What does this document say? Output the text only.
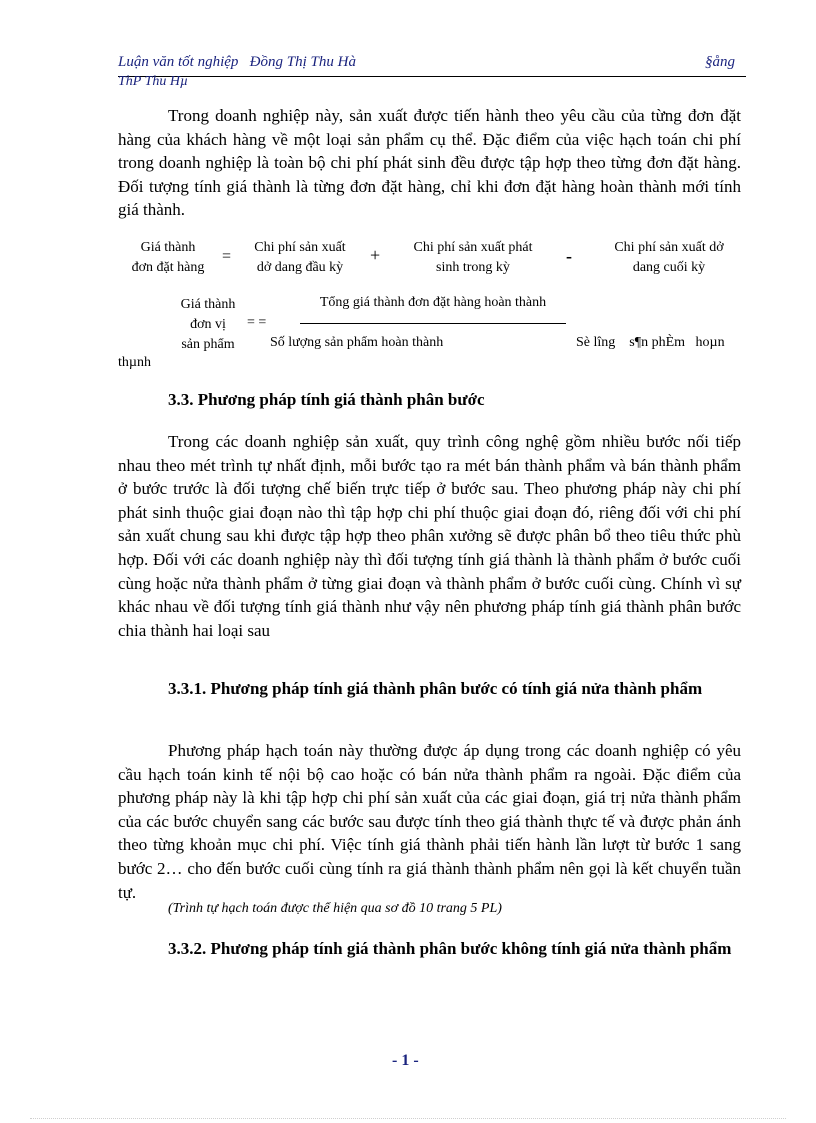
Luận văn tốt nghiệp Đồng Thị Thu Hà	§ång
ThP Thu Hµ
Trong doanh nghiệp này, sản xuất được tiến hành theo yêu cầu của từng đơn đặt hàng của khách hàng về một loại sản phẩm cụ thể. Đặc điểm của việc hạch toán chi phí trong doanh nghiệp là toàn bộ chi phí phát sinh đều được tập hợp theo từng đơn đặt hàng. Đối tượng tính giá thành là từng đơn đặt hàng, chỉ khi đơn đặt hàng hoàn thành mới tính giá thành.
Giá thành
đơn đặt hàng
=
Chi phí sản xuất
dở dang đầu kỳ
+	Chi phí sản xuất phát
sinh trong kỳ
-	Chi phí sản xuất dở
dang cuối kỳ
Giá thành
đơn vị
sản phẩm
= =
Tổng giá thành đơn đặt hàng hoàn thành
Số lượng sản phẩm hoàn thành	Sè lîng    s¶n phÈm   hoµn
thµnh
3.3. Phương pháp tính giá thành phân bước
Trong các doanh nghiệp sản xuất, quy trình công nghệ gồm nhiều bước nối tiếp nhau theo mét trình tự nhất định, mỗi bước tạo ra mét bán thành phẩm và bán thành phẩm ở bước trước là đối tượng chế biến trực tiếp ở bước sau. Theo phương pháp này chi phí phát sinh thuộc giai đoạn nào thì tập hợp chi phí thuộc giai đoạn đó, riêng đối với chi phí sản xuất chung sau khi được tập hợp theo phân xưởng sẽ được phân bổ theo tiêu thức phù hợp. Đối với các doanh nghiệp này thì đối tượng tính giá thành là thành phẩm ở bước cuối cùng hoặc nửa thành phẩm ở từng giai đoạn và thành phẩm ở bước cuối cùng. Chính vì sự khác nhau về đối tượng tính giá thành như vậy nên phương pháp tính giá thành phân bước chia thành hai loại sau
3.3.1. Phương pháp tính giá thành phân bước có tính giá nửa thành phẩm
Phương pháp hạch toán này thường được áp dụng trong các doanh nghiệp có yêu cầu hạch toán kinh tế nội bộ cao hoặc có bán nửa thành phẩm ra ngoài. Đặc điểm của phương pháp này là khi tập hợp chi phí sản xuất của các giai đoạn, giá trị nửa thành phẩm của các bước chuyển sang các bước sau được tính theo giá thành thực tế và được phản ánh theo từng khoản mục chi phí. Việc tính giá thành phải tiến hành lần lượt từ bước 1 sang bước 2… cho đến bước cuối cùng tính ra giá thành thành phẩm nên gọi là kết chuyển tuần tự.
(Trình tự hạch toán được thể hiện qua sơ đồ 10 trang 5 PL)
3.3.2. Phương pháp tính giá thành phân bước không tính giá nửa thành phẩm
- 1 -
